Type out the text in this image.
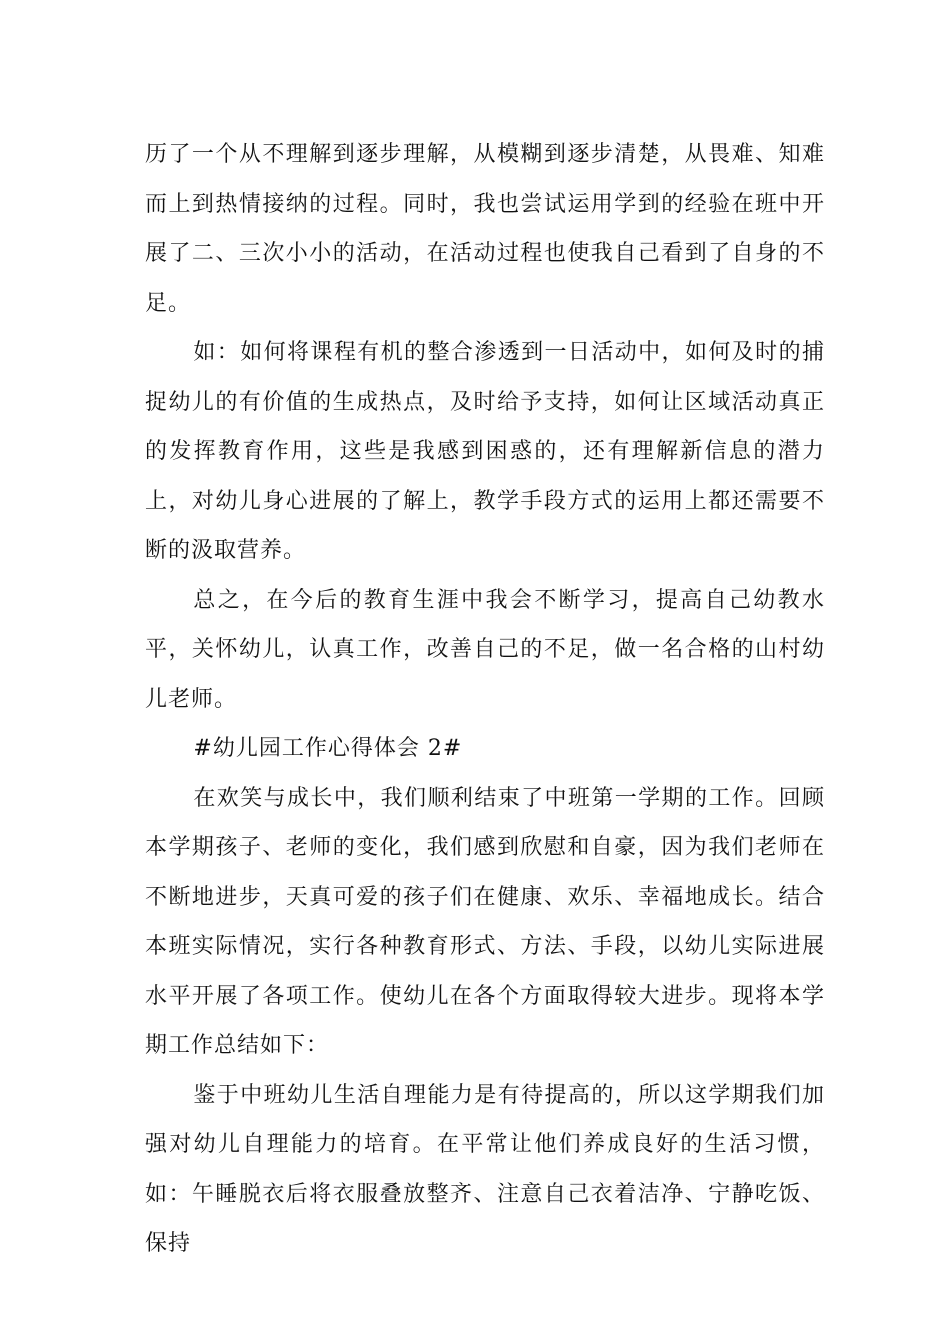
历了一个从不理解到逐步理解，从模糊到逐步清楚，从畏难、知难而上到热情接纳的过程。同时，我也尝试运用学到的经验在班中开展了二、三次小小的活动，在活动过程也使我自己看到了自身的不足。

如：如何将课程有机的整合渗透到一日活动中，如何及时的捕捉幼儿的有价值的生成热点，及时给予支持，如何让区域活动真正的发挥教育作用，这些是我感到困惑的，还有理解新信息的潜力上，对幼儿身心进展的了解上，教学手段方式的运用上都还需要不断的汲取营养。

总之，在今后的教育生涯中我会不断学习，提高自己幼教水平，关怀幼儿，认真工作，改善自己的不足，做一名合格的山村幼儿老师。

#幼儿园工作心得体会 2#

在欢笑与成长中，我们顺利结束了中班第一学期的工作。回顾本学期孩子、老师的变化，我们感到欣慰和自豪，因为我们老师在不断地进步，天真可爱的孩子们在健康、欢乐、幸福地成长。结合本班实际情况，实行各种教育形式、方法、手段，以幼儿实际进展水平开展了各项工作。使幼儿在各个方面取得较大进步。现将本学期工作总结如下：

鉴于中班幼儿生活自理能力是有待提高的，所以这学期我们加强对幼儿自理能力的培育。在平常让他们养成良好的生活习惯，如：午睡脱衣后将衣服叠放整齐、注意自己衣着洁净、宁静吃饭、保持
